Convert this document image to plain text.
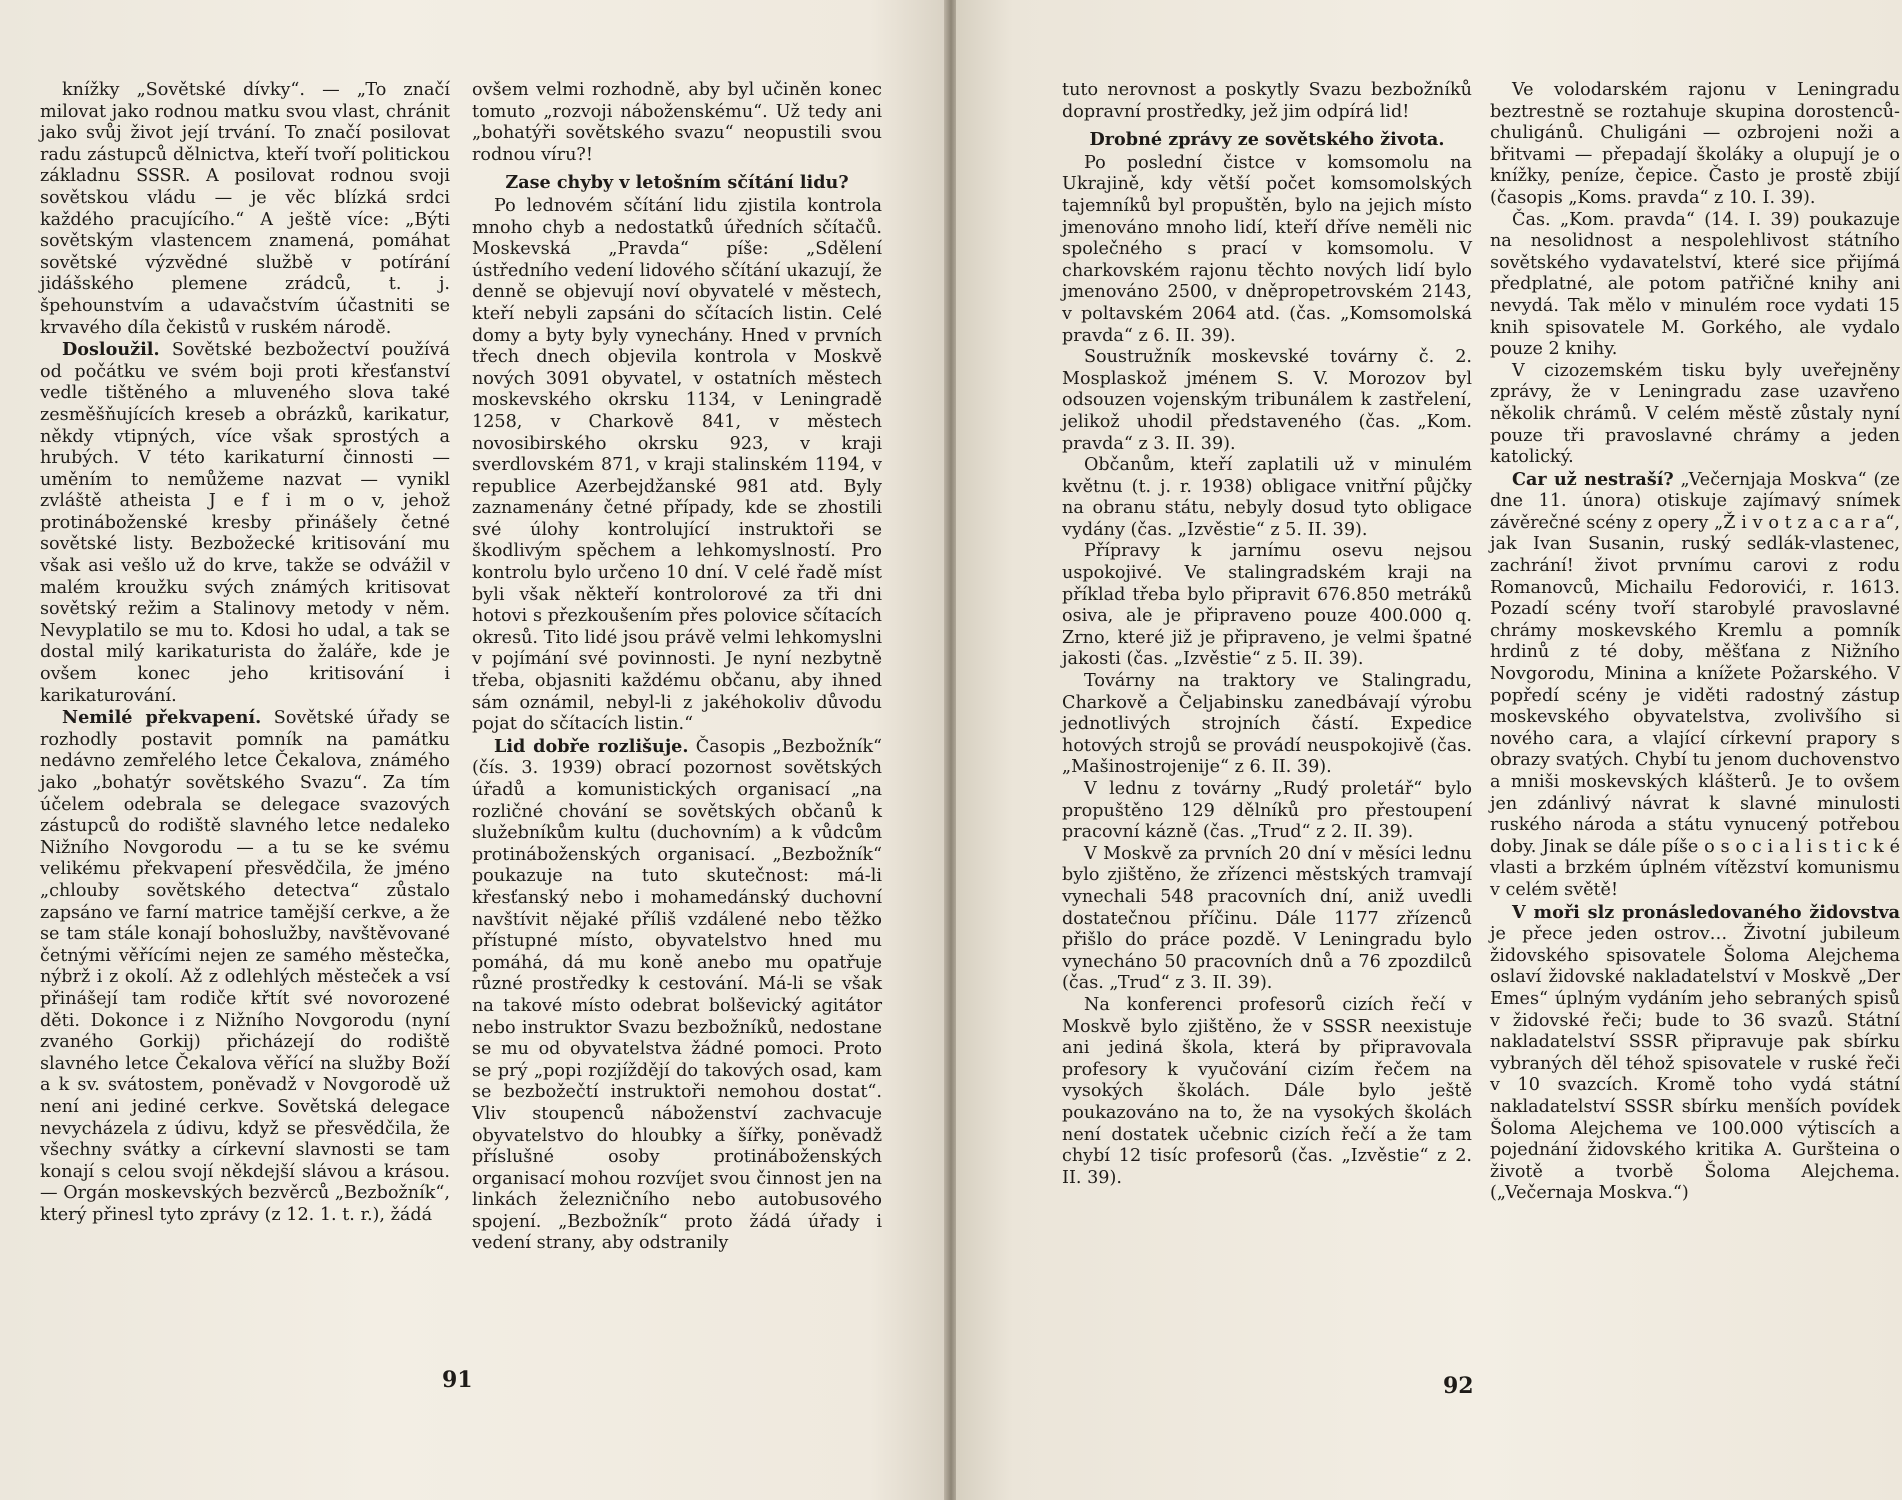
knížky „Sovětské dívky“. — „To značí milovat jako rodnou matku svou vlast, chránit jako svůj život její trvání. To značí posilovat radu zástupců dělnictva, kteří tvoří politickou základnu SSSR. A posilovat rodnou svoji sovětskou vládu — je věc blízká srdci každého pracujícího.“ A ještě více: „Býti sovětským vlastencem znamená, pomáhat sovětské výzvědné službě v potírání jidášského plemene zrádců, t. j. špehounstvím a udavačstvím účastniti se krvavého díla čekistů v ruském národě.

Dosloužil. Sovětské bezbožectví používá od počátku ve svém boji proti křesťanství vedle tištěného a mluveného slova také zesměšňujících kreseb a obrázků, karikatur, někdy vtipných, více však sprostých a hrubých. V této karikaturní činnosti — uměním to nemůžeme nazvat — vynikl zvláště atheista J e f i m o v, jehož protináboženské kresby přinášely četné sovětské listy. Bezbožecké kritisování mu však asi vešlo už do krve, takže se odvážil v malém kroužku svých známých kritisovat sovětský režim a Stalinovy metody v něm. Nevyplatilo se mu to. Kdosi ho udal, a tak se dostal milý karikaturista do žaláře, kde je ovšem konec jeho kritisování i karikaturování.

Nemilé překvapení. Sovětské úřady se rozhodly postavit pomník na památku nedávno zemřelého letce Čekalova, známého jako „bohatýr sovětského Svazu“. Za tím účelem odebrala se delegace svazových zástupců do rodiště slavného letce nedaleko Nižního Novgorodu — a tu se ke svému velikému překvapení přesvědčila, že jméno „chlouby sovětského detectva“ zůstalo zapsáno ve farní matrice tamější cerkve, a že se tam stále konají bohoslužby, navštěvované četnými věřícími nejen ze samého městečka, nýbrž i z okolí. Až z odlehlých městeček a vsí přinášejí tam rodiče křtít své novorozené děti. Dokonce i z Nižního Novgorodu (nyní zvaného Gorkij) přicházejí do rodiště slavného letce Čekalova věřící na služby Boží a k sv. svátostem, poněvadž v Novgorodě už není ani jediné cerkve. Sovětská delegace nevycházela z údivu, když se přesvědčila, že všechny svátky a církevní slavnosti se tam konají s celou svojí někdejší slávou a krásou. — Orgán moskevských bezvěrců „Bezbožník“, který přinesl tyto zprávy (z 12. 1. t. r.), žádá

ovšem velmi rozhodně, aby byl učiněn konec tomuto „rozvoji náboženskému“. Už tedy ani „bohatýři sovětského svazu“ neopustili svou rodnou víru?!

Zase chyby v letošním sčítání lidu?

Po lednovém sčítání lidu zjistila kontrola mnoho chyb a nedostatků úředních sčítačů. Moskevská „Pravda“ píše: „Sdělení ústředního vedení lidového sčítání ukazují, že denně se objevují noví obyvatelé v městech, kteří nebyli zapsáni do sčítacích listin. Celé domy a byty byly vynechány. Hned v prvních třech dnech objevila kontrola v Moskvě nových 3091 obyvatel, v ostatních městech moskevského okrsku 1134, v Leningradě 1258, v Charkově 841, v městech novosibirského okrsku 923, v kraji sverdlovském 871, v kraji stalinském 1194, v republice Azerbejdžanské 981 atd. Byly zaznamenány četné případy, kde se zhostili své úlohy kontrolující instruktoři se škodlivým spěchem a lehkomyslností. Pro kontrolu bylo určeno 10 dní. V celé řadě míst byli však někteří kontrolorové za tři dni hotovi s přezkoušením přes polovice sčítacích okresů. Tito lidé jsou právě velmi lehkomyslni v pojímání své povinnosti. Je nyní nezbytně třeba, objasniti každému občanu, aby ihned sám oznámil, nebyl-li z jakéhokoliv důvodu pojat do sčítacích listin.“

Lid dobře rozlišuje. Časopis „Bezbožník“ (čís. 3. 1939) obrací pozornost sovětských úřadů a komunistických organisací „na rozličné chování se sovětských občanů k služebníkům kultu (duchovním) a k vůdcům protináboženských organisací. „Bezbožník“ poukazuje na tuto skutečnost: má-li křesťanský nebo i mohamedánský duchovní navštívit nějaké příliš vzdálené nebo těžko přístupné místo, obyvatelstvo hned mu pomáhá, dá mu koně anebo mu opatřuje různé prostředky k cestování. Má-li se však na takové místo odebrat bolševický agitátor nebo instruktor Svazu bezbožníků, nedostane se mu od obyvatelstva žádné pomoci. Proto se prý „popi rozjíždějí do takových osad, kam se bezbožečtí instruktoři nemohou dostat“. Vliv stoupenců náboženství zachvacuje obyvatelstvo do hloubky a šířky, poněvadž příslušné osoby protináboženských organisací mohou rozvíjet svou činnost jen na linkách železničního nebo autobusového spojení. „Bezbožník“ proto žádá úřady i vedení strany, aby odstranily

91

tuto nerovnost a poskytly Svazu bezbožníků dopravní prostředky, jež jim odpírá lid!

Drobné zprávy ze sovětského života.

Po poslední čistce v komsomolu na Ukrajině, kdy větší počet komsomolských tajemníků byl propuštěn, bylo na jejich místo jmenováno mnoho lidí, kteří dříve neměli nic společného s prací v komsomolu. V charkovském rajonu těchto nových lidí bylo jmenováno 2500, v dněpropetrovském 2143, v poltavském 2064 atd. (čas. „Komsomolská pravda“ z 6. II. 39).

Soustružník moskevské továrny č. 2. Mosplaskož jménem S. V. Morozov byl odsouzen vojenským tribunálem k zastřelení, jelikož uhodil představeného (čas. „Kom. pravda“ z 3. II. 39).

Občanům, kteří zaplatili už v minulém květnu (t. j. r. 1938) obligace vnitřní půjčky na obranu státu, nebyly dosud tyto obligace vydány (čas. „Izvěstie“ z 5. II. 39).

Přípravy k jarnímu osevu nejsou uspokojivé. Ve stalingradském kraji na příklad třeba bylo připravit 676.850 metráků osiva, ale je připraveno pouze 400.000 q. Zrno, které již je připraveno, je velmi špatné jakosti (čas. „Izvěstie“ z 5. II. 39).

Továrny na traktory ve Stalingradu, Charkově a Čeljabinsku zanedbávají výrobu jednotlivých strojních částí. Expedice hotových strojů se provádí neuspokojivě (čas. „Mašinostrojenije“ z 6. II. 39).

V lednu z továrny „Rudý proletář“ bylo propuštěno 129 dělníků pro přestoupení pracovní kázně (čas. „Trud“ z 2. II. 39).

V Moskvě za prvních 20 dní v měsíci lednu bylo zjištěno, že zřízenci městských tramvají vynechali 548 pracovních dní, aniž uvedli dostatečnou příčinu. Dále 1177 zřízenců přišlo do práce pozdě. V Leningradu bylo vynecháno 50 pracovních dnů a 76 zpozdilců (čas. „Trud“ z 3. II. 39).

Na konferenci profesorů cizích řečí v Moskvě bylo zjištěno, že v SSSR neexistuje ani jediná škola, která by připravovala profesory k vyučování cizím řečem na vysokých školách. Dále bylo ještě poukazováno na to, že na vysokých školách není dostatek učebnic cizích řečí a že tam chybí 12 tisíc profesorů (čas. „Izvěstie“ z 2. II. 39).

Ve volodarském rajonu v Leningradu beztrestně se roztahuje skupina dorostenců-chuligánů. Chuligáni — ozbrojeni noži a břitvami — přepadají školáky a olupují je o knížky, peníze, čepice. Často je prostě zbijí (časopis „Koms. pravda“ z 10. I. 39).

Čas. „Kom. pravda“ (14. I. 39) poukazuje na nesolidnost a nespolehlivost státního sovětského vydavatelství, které sice přijímá předplatné, ale potom patřičné knihy ani nevydá. Tak mělo v minulém roce vydati 15 knih spisovatele M. Gorkého, ale vydalo pouze 2 knihy.

V cizozemském tisku byly uveřejněny zprávy, že v Leningradu zase uzavřeno několik chrámů. V celém městě zůstaly nyní pouze tři pravoslavné chrámy a jeden katolický.

Car už nestraší? „Večernjaja Moskva“ (ze dne 11. února) otiskuje zajímavý snímek závěrečné scény z opery „Ž i v o t z a c a r a“, jak Ivan Susanin, ruský sedlák-vlastenec, zachrání! život prvnímu carovi z rodu Romanovců, Michailu Fedorovići, r. 1613. Pozadí scény tvoří starobylé pravoslavné chrámy moskevského Kremlu a pomník hrdinů z té doby, měšťana z Nižního Novgorodu, Minina a knížete Požarského. V popředí scény je viděti radostný zástup moskevského obyvatelstva, zvolivšího si nového cara, a vlající církevní prapory s obrazy svatých. Chybí tu jenom duchovenstvo a mniši moskevských klášterů. Je to ovšem jen zdánlivý návrat k slavné minulosti ruského národa a státu vynucený potřebou doby. Jinak se dále píše o s o c i a l i s t i c k é vlasti a brzkém úplném vítězství komunismu v celém světě!

V moři slz pronásledovaného židovstva je přece jeden ostrov… Životní jubileum židovského spisovatele Šoloma Alejchema oslaví židovské nakladatelství v Moskvě „Der Emes“ úplným vydáním jeho sebraných spisů v židovské řeči; bude to 36 svazů. Státní nakladatelství SSSR připravuje pak sbírku vybraných děl téhož spisovatele v ruské řeči v 10 svazcích. Kromě toho vydá státní nakladatelství SSSR sbírku menších povídek Šoloma Alejchema ve 100.000 výtiscích a pojednání židovského kritika A. Guršteina o životě a tvorbě Šoloma Alejchema. („Večernaja Moskva.“)

92
